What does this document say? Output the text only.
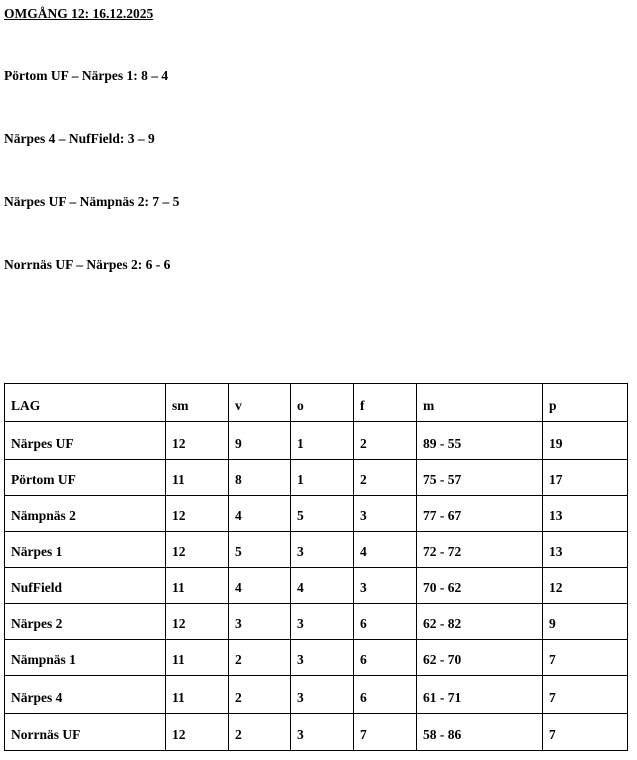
OMGÅNG 12: 16.12.2025

Pörtom UF – Närpes 1: 8 – 4

Närpes 4 – NufField: 3 – 9

Närpes UF – Nämpnäs 2: 7 – 5

Norrnäs UF – Närpes 2: 6 - 6

LAG	sm	v	o	f	m	p
Närpes UF	12	9	1	2	89 - 55	19
Pörtom UF	11	8	1	2	75 - 57	17
Nämpnäs 2	12	4	5	3	77 - 67	13
Närpes 1	12	5	3	4	72 - 72	13
NufField	11	4	4	3	70 - 62	12
Närpes 2	12	3	3	6	62 - 82	9
Nämpnäs 1	11	2	3	6	62 - 70	7
Närpes 4	11	2	3	6	61 - 71	7
Norrnäs UF	12	2	3	7	58 - 86	7
